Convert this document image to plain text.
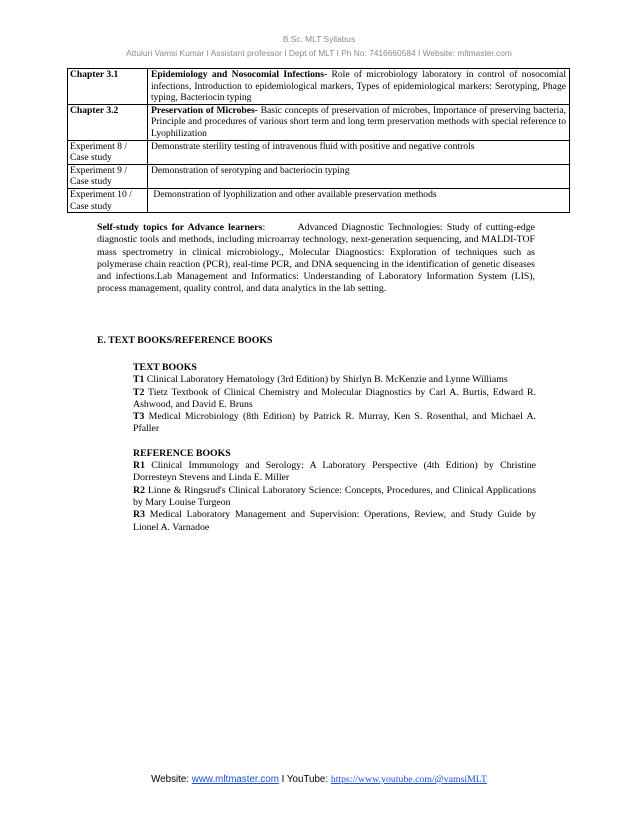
B.Sc. MLT Syllabus
Attuluri Vamsi Kumar I Assistant professor I Dept of MLT I Ph No: 7416660584 I Website: mltmaster.com
Chapter 3.1	Epidemiology and Nosocomial Infections- Role of microbiology laboratory in control of nosocomial infections, Introduction to epidemiological markers, Types of epidemiological markers: Serotyping, Phage typing, Bacteriocin typing
Chapter 3.2	Preservation of Microbes- Basic concepts of preservation of microbes, Importance of preserving bacteria, Principle and procedures of various short term and long term preservation methods with special reference to Lyophilization
Experiment 8 / Case study	Demonstrate sterility testing of intravenous fluid with positive and negative controls
Experiment 9 / Case study	Demonstration of serotyping and bacteriocin typing
Experiment 10 / Case study	Demonstration of lyophilization and other available preservation methods
Self-study topics for Advance learners:        Advanced Diagnostic Technologies: Study of cutting-edge diagnostic tools and methods, including microarray technology, next-generation sequencing, and MALDI-TOF mass spectrometry in clinical microbiology., Molecular Diagnostics: Exploration of techniques such as polymerase chain reaction (PCR), real-time PCR, and DNA sequencing in the identification of genetic diseases and infections.Lab Management and Informatics: Understanding of Laboratory Information System (LIS), process management, quality control, and data analytics in the lab setting.
E. TEXT BOOKS/REFERENCE BOOKS
TEXT BOOKS
T1 Clinical Laboratory Hematology (3rd Edition) by Shirlyn B. McKenzie and Lynne Williams
T2 Tietz Textbook of Clinical Chemistry and Molecular Diagnostics by Carl A. Burtis, Edward R. Ashwood, and David E. Bruns
T3 Medical Microbiology (8th Edition) by Patrick R. Murray, Ken S. Rosenthal, and Michael A. Pfaller
REFERENCE BOOKS
R1 Clinical Immunology and Serology: A Laboratory Perspective (4th Edition) by Christine Dorresteyn Stevens and Linda E. Miller
R2 Linne & Ringsrud's Clinical Laboratory Science: Concepts, Procedures, and Clinical Applications by Mary Louise Turgeon
R3 Medical Laboratory Management and Supervision: Operations, Review, and Study Guide by Lionel A. Varnadoe
Website: www.mltmaster.com I YouTube: https://www.youtube.com/@vamsiMLT
